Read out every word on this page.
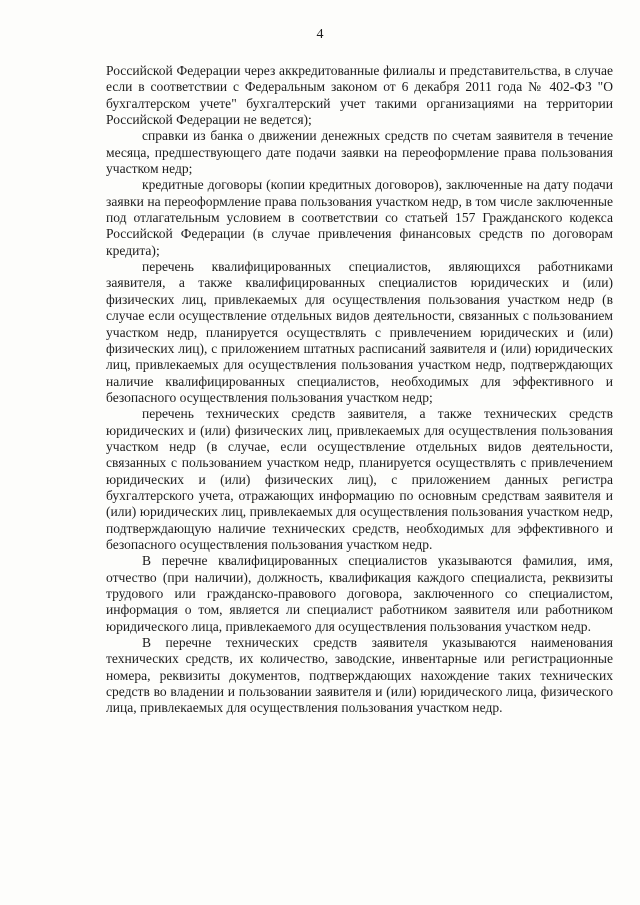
4

Российской Федерации через аккредитованные филиалы и представительства, в случае если в соответствии с Федеральным законом от 6 декабря 2011 года № 402-ФЗ "О бухгалтерском учете" бухгалтерский учет такими организациями на территории Российской Федерации не ведется);

справки из банка о движении денежных средств по счетам заявителя в течение месяца, предшествующего дате подачи заявки на переоформление права пользования участком недр;

кредитные договоры (копии кредитных договоров), заключенные на дату подачи заявки на переоформление права пользования участком недр, в том числе заключенные под отлагательным условием в соответствии со статьей 157 Гражданского кодекса Российской Федерации (в случае привлечения финансовых средств по договорам кредита);

перечень квалифицированных специалистов, являющихся работниками заявителя, а также квалифицированных специалистов юридических и (или) физических лиц, привлекаемых для осуществления пользования участком недр (в случае если осуществление отдельных видов деятельности, связанных с пользованием участком недр, планируется осуществлять с привлечением юридических и (или) физических лиц), с приложением штатных расписаний заявителя и (или) юридических лиц, привлекаемых для осуществления пользования участком недр, подтверждающих наличие квалифицированных специалистов, необходимых для эффективного и безопасного осуществления пользования участком недр;

перечень технических средств заявителя, а также технических средств юридических и (или) физических лиц, привлекаемых для осуществления пользования участком недр (в случае, если осуществление отдельных видов деятельности, связанных с пользованием участком недр, планируется осуществлять с привлечением юридических и (или) физических лиц), с приложением данных регистра бухгалтерского учета, отражающих информацию по основным средствам заявителя и (или) юридических лиц, привлекаемых для осуществления пользования участком недр, подтверждающую наличие технических средств, необходимых для эффективного и безопасного осуществления пользования участком недр.

В перечне квалифицированных специалистов указываются фамилия, имя, отчество (при наличии), должность, квалификация каждого специалиста, реквизиты трудового или гражданско-правового договора, заключенного со специалистом, информация о том, является ли специалист работником заявителя или работником юридического лица, привлекаемого для осуществления пользования участком недр.

В перечне технических средств заявителя указываются наименования технических средств, их количество, заводские, инвентарные или регистрационные номера, реквизиты документов, подтверждающих нахождение таких технических средств во владении и пользовании заявителя и (или) юридического лица, физического лица, привлекаемых для осуществления пользования участком недр.
